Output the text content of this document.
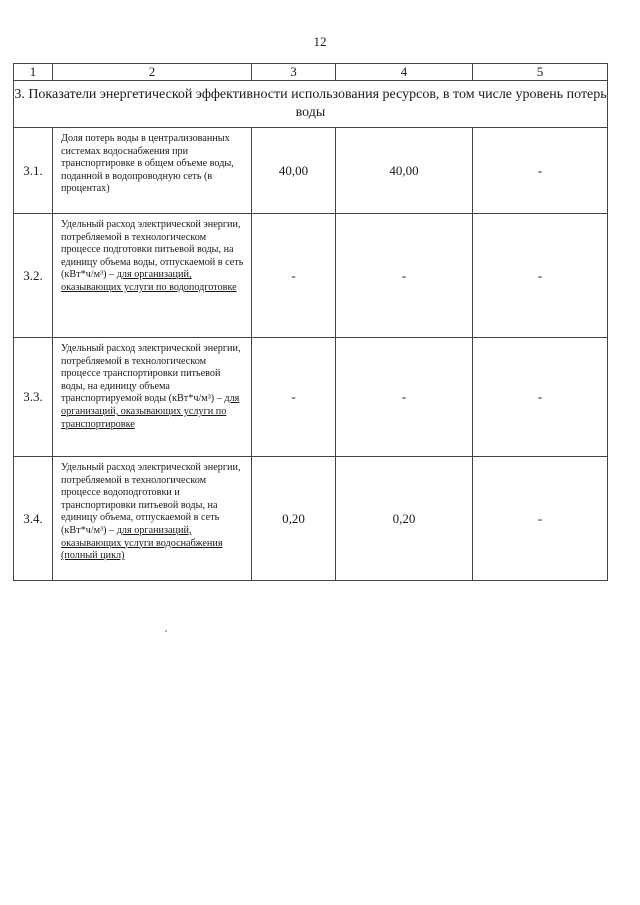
12
1	2	3	4	5
3. Показатели энергетической эффективности использования ресурсов, в том числе уровень потерь воды				
3.1.	Доля потерь воды в централизованных системах водоснабжения при транспортировке в общем объеме воды, поданной в водопроводную сеть (в процентах)	40,00	40,00	-
3.2.	Удельный расход электрической энергии, потребляемой в технологическом процессе подготовки питьевой воды, на единицу объема воды, отпускаемой в сеть (кВт*ч/м³) – для организаций, оказывающих услуги по водоподготовке	-	-	-
3.3.	Удельный расход электрической энергии, потребляемой в технологическом процессе транспортировки питьевой воды, на единицу объема транспортируемой воды (кВт*ч/м³) – для организаций, оказывающих услуги по транспортировке	-	-	-
3.4.	Удельный расход электрической энергии, потребляемой в технологическом процессе водоподготовки и транспортировки питьевой воды, на единицу объема, отпускаемой в сеть (кВт*ч/м³) – для организаций, оказывающих услуги водоснабжения (полный цикл)	0,20	0,20	-
